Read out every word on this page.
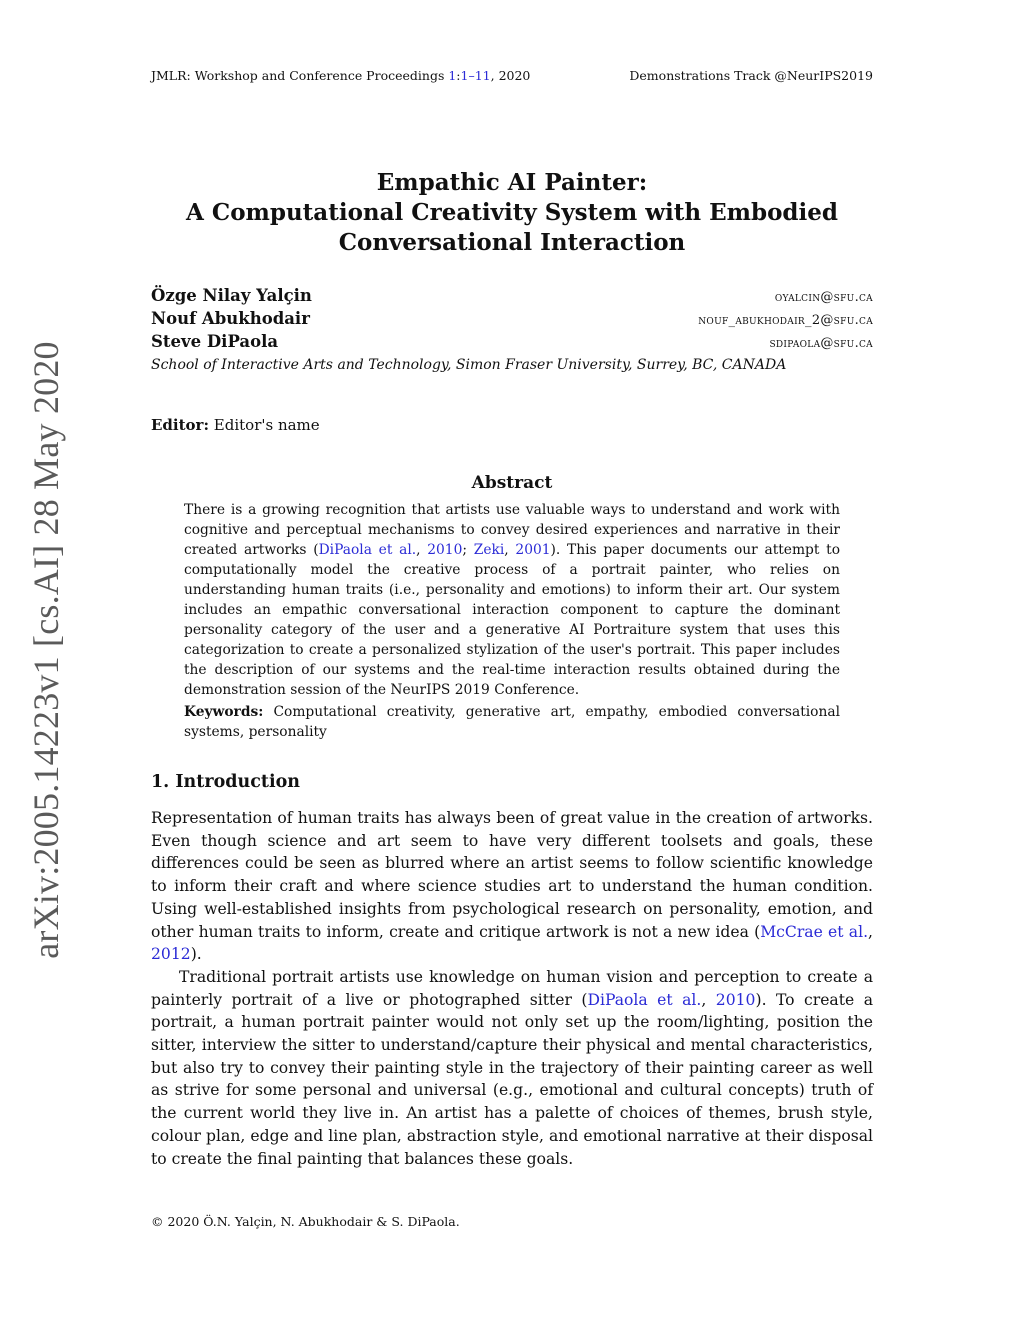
JMLR: Workshop and Conference Proceedings 1:1–11, 2020	Demonstrations Track @NeurIPS2019
arXiv:2005.14223v1 [cs.AI] 28 May 2020
Empathic AI Painter:
A Computational Creativity System with Embodied
Conversational Interaction
Özge Nilay Yalçin	oyalcin@sfu.ca
Nouf Abukhodair	nouf_abukhodair_2@sfu.ca
Steve DiPaola	sdipaola@sfu.ca
School of Interactive Arts and Technology, Simon Fraser University, Surrey, BC, CANADA
Editor: Editor's name
Abstract
There is a growing recognition that artists use valuable ways to understand and work with cognitive and perceptual mechanisms to convey desired experiences and narrative in their created artworks (DiPaola et al., 2010; Zeki, 2001). This paper documents our attempt to computationally model the creative process of a portrait painter, who relies on understanding human traits (i.e., personality and emotions) to inform their art. Our system includes an empathic conversational interaction component to capture the dominant personality category of the user and a generative AI Portraiture system that uses this categorization to create a personalized stylization of the user's portrait. This paper includes the description of our systems and the real-time interaction results obtained during the demonstration session of the NeurIPS 2019 Conference.
Keywords: Computational creativity, generative art, empathy, embodied conversational systems, personality
1. Introduction

Representation of human traits has always been of great value in the creation of artworks. Even though science and art seem to have very different toolsets and goals, these differences could be seen as blurred where an artist seems to follow scientific knowledge to inform their craft and where science studies art to understand the human condition. Using well-established insights from psychological research on personality, emotion, and other human traits to inform, create and critique artwork is not a new idea (McCrae et al., 2012).

Traditional portrait artists use knowledge on human vision and perception to create a painterly portrait of a live or photographed sitter (DiPaola et al., 2010). To create a portrait, a human portrait painter would not only set up the room/lighting, position the sitter, interview the sitter to understand/capture their physical and mental characteristics, but also try to convey their painting style in the trajectory of their painting career as well as strive for some personal and universal (e.g., emotional and cultural concepts) truth of the current world they live in. An artist has a palette of choices of themes, brush style, colour plan, edge and line plan, abstraction style, and emotional narrative at their disposal to create the final painting that balances these goals.

© 2020 Ö.N. Yalçin, N. Abukhodair & S. DiPaola.
